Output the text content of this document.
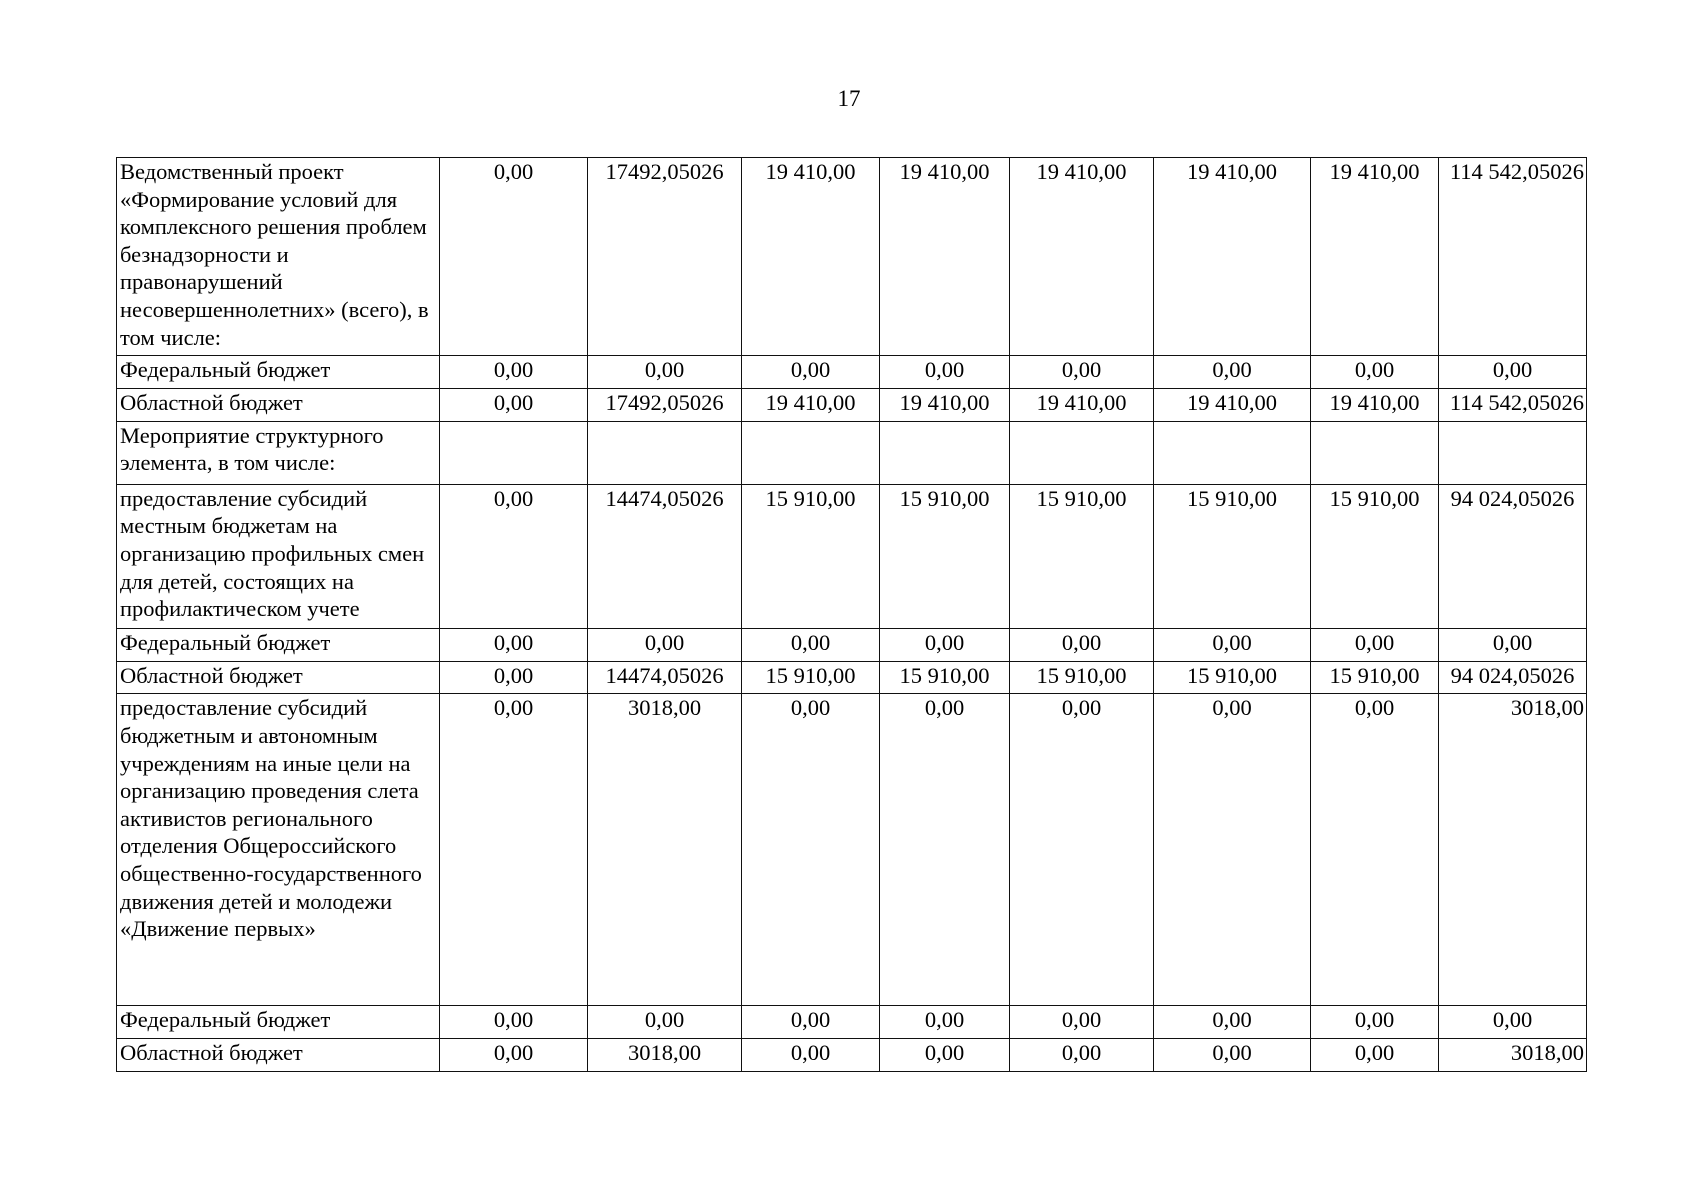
17
Ведомственный проект «Формирование условий для комплексного решения проблем безнадзорности и правонарушений несовершеннолетних» (всего), в том числе:	0,00	17492,05026	19 410,00	19 410,00	19 410,00	19 410,00	19 410,00	114 542,05026
Федеральный бюджет	0,00	0,00	0,00	0,00	0,00	0,00	0,00	0,00
Областной бюджет	0,00	17492,05026	19 410,00	19 410,00	19 410,00	19 410,00	19 410,00	114 542,05026
Мероприятие структурного элемента, в том числе:								
предоставление субсидий местным бюджетам на организацию профильных смен для детей, состоящих на профилактическом учете	0,00	14474,05026	15 910,00	15 910,00	15 910,00	15 910,00	15 910,00	94 024,05026
Федеральный бюджет	0,00	0,00	0,00	0,00	0,00	0,00	0,00	0,00
Областной бюджет	0,00	14474,05026	15 910,00	15 910,00	15 910,00	15 910,00	15 910,00	94 024,05026
предоставление субсидий бюджетным и автономным учреждениям на иные цели на организацию проведения слета активистов регионального отделения Общероссийского общественно-государственного движения детей и молодежи «Движение первых»	0,00	3018,00	0,00	0,00	0,00	0,00	0,00	3018,00
Федеральный бюджет	0,00	0,00	0,00	0,00	0,00	0,00	0,00	0,00
Областной бюджет	0,00	3018,00	0,00	0,00	0,00	0,00	0,00	3018,00
